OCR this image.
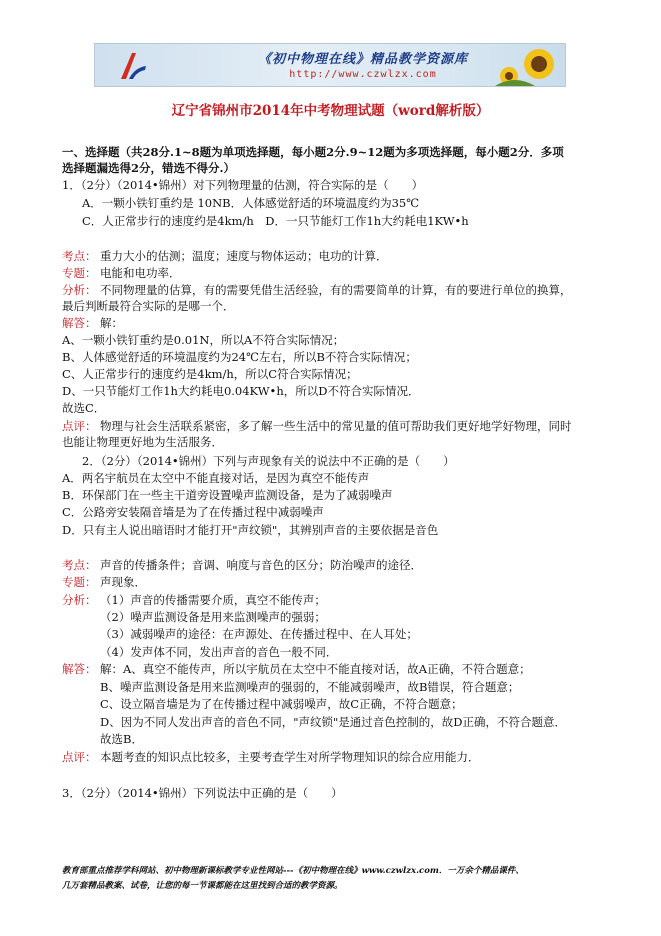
《初中物理在线》精品教学资源库
http://www.czwlzx.com
辽宁省锦州市2014年中考物理试题（word解析版）
一、选择题（共28分.1~8题为单项选择题，每小题2分.9~12题为多项选择题，每小题2分．多项
选择题漏选得2分，错选不得分.）
1．（2分）（2014•锦州）对下列物理量的估测，符合实际的是（　　）
A．一颗小铁钉重约是 10NB．人体感觉舒适的环境温度约为35℃
C．人正常步行的速度约是4km/h　D．一只节能灯工作1h大约耗电1KW•h
考点： 重力大小的估测；温度；速度与物体运动；电功的计算．
专题： 电能和电功率．
分析： 不同物理量的估算，有的需要凭借生活经验，有的需要简单的计算，有的要进行单位的换算，
最后判断最符合实际的是哪一个．
解答： 解：
A、一颗小铁钉重约是0.01N，所以A不符合实际情况；
B、人体感觉舒适的环境温度约为24℃左右，所以B不符合实际情况；
C、人正常步行的速度约是4km/h，所以C符合实际情况；
D、一只节能灯工作1h大约耗电0.04KW•h，所以D不符合实际情况．
故选C．
点评： 物理与社会生活联系紧密，多了解一些生活中的常见量的值可帮助我们更好地学好物理，同时
也能让物理更好地为生活服务．
2．（2分）（2014•锦州）下列与声现象有关的说法中不正确的是（　　）
A．两名宇航员在太空中不能直接对话，是因为真空不能传声
B．环保部门在一些主干道旁设置噪声监测设备，是为了减弱噪声
C．公路旁安装隔音墙是为了在传播过程中减弱噪声
D．只有主人说出暗语时才能打开"声纹锁"，其辨别声音的主要依据是音色
考点： 声音的传播条件；音调、响度与音色的区分；防治噪声的途径．
专题： 声现象．
分析： （1）声音的传播需要介质，真空不能传声；
（2）噪声监测设备是用来监测噪声的强弱；
（3）减弱噪声的途径：在声源处、在传播过程中、在人耳处；
（4）发声体不同，发出声音的音色一般不同．
解答： 解：A、真空不能传声，所以宇航员在太空中不能直接对话，故A正确，不符合题意；
B、噪声监测设备是用来监测噪声的强弱的，不能减弱噪声，故B错误，符合题意；
C、设立隔音墙是为了在传播过程中减弱噪声，故C正确，不符合题意；
D、因为不同人发出声音的音色不同，"声纹锁"是通过音色控制的，故D正确，不符合题意．
故选B．
点评： 本题考查的知识点比较多，主要考查学生对所学物理知识的综合应用能力．
3．（2分）（2014•锦州）下列说法中正确的是（　　）
教育部重点推荐学科网站、初中物理新课标教学专业性网站---《初中物理在线》www.czwlzx.com．一万余个精品课件、
几万套精品教案、试卷，让您的每一节课都能在这里找到合适的教学资源。
